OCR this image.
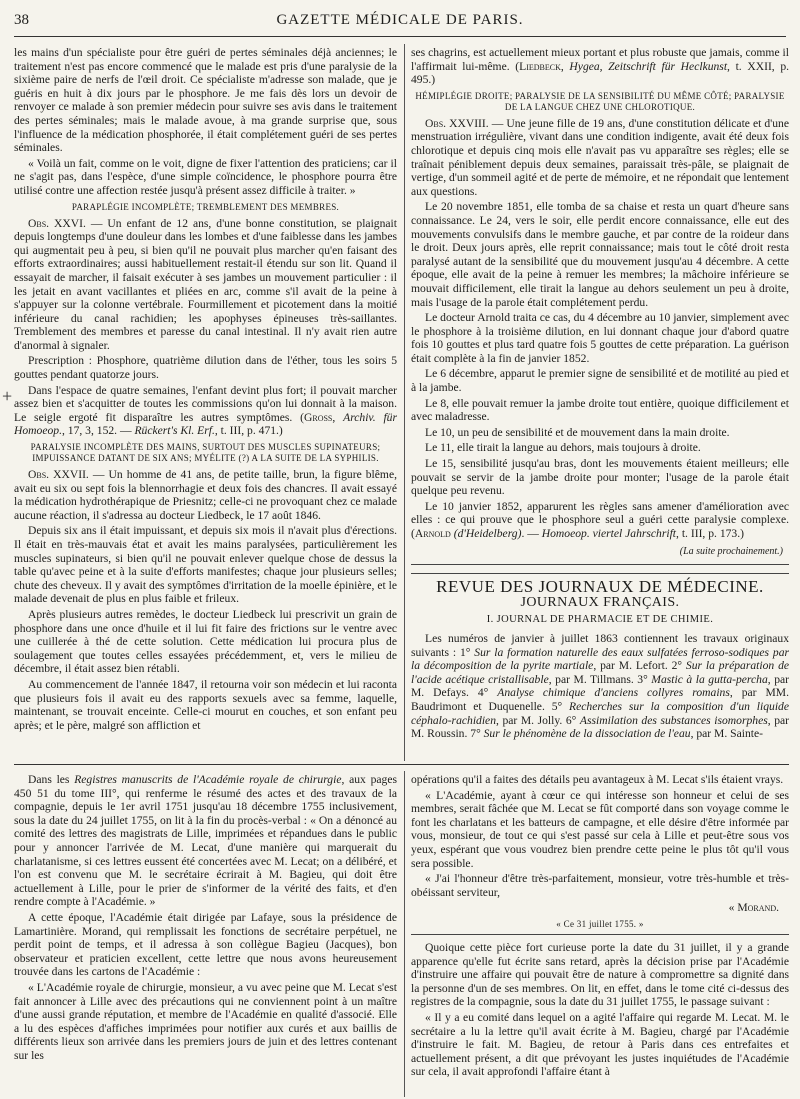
38	GAZETTE MÉDICALE DE PARIS.
+

les mains d'un spécialiste pour être guéri de pertes séminales déjà anciennes; le traitement n'est pas encore commencé que le malade est pris d'une paralysie de la sixième paire de nerfs de l'œil droit. Ce spécialiste m'adresse son malade, que je guéris en huit à dix jours par le phosphore. Je me fais dès lors un devoir de renvoyer ce malade à son premier médecin pour suivre ses avis dans le traitement des pertes séminales; mais le malade avoue, à ma grande surprise que, sous l'influence de la médication phosphorée, il était complétement guéri de ses pertes séminales.

« Voilà un fait, comme on le voit, digne de fixer l'attention des praticiens; car il ne s'agit pas, dans l'espèce, d'une simple coïncidence, le phosphore pourra être utilisé contre une affection restée jusqu'à présent assez difficile à traiter. »

PARAPLÉGIE INCOMPLÈTE; TREMBLEMENT DES MEMBRES.

Obs. XXVI. — Un enfant de 12 ans, d'une bonne constitution, se plaignait depuis longtemps d'une douleur dans les lombes et d'une faiblesse dans les jambes qui augmentait peu à peu, si bien qu'il ne pouvait plus marcher qu'en faisant des efforts extraordinaires; aussi habituellement restait-il étendu sur son lit. Quand il essayait de marcher, il faisait exécuter à ses jambes un mouvement particulier : il les jetait en avant vacillantes et pliées en arc, comme s'il avait de la peine à s'appuyer sur la colonne vertébrale. Fourmillement et picotement dans la moitié inférieure du canal rachidien; les apophyses épineuses très-saillantes. Tremblement des membres et paresse du canal intestinal. Il n'y avait rien autre d'anormal à signaler.

Prescription : Phosphore, quatrième dilution dans de l'éther, tous les soirs 5 gouttes pendant quatorze jours.

Dans l'espace de quatre semaines, l'enfant devint plus fort; il pouvait marcher assez bien et s'acquitter de toutes les commissions qu'on lui donnait à la maison. Le seigle ergoté fit disparaître les autres symptômes. (Gross, Archiv. für Homoeop., 17, 3, 152. — Rückert's Kl. Erf., t. III, p. 471.)

PARALYSIE INCOMPLÈTE DES MAINS, SURTOUT DES MUSCLES SUPINATEURS; IMPUISSANCE DATANT DE SIX ANS; MYÉLITE (?) A LA SUITE DE LA SYPHILIS.

Obs. XXVII. — Un homme de 41 ans, de petite taille, brun, la figure blême, avait eu six ou sept fois la blennorrhagie et deux fois des chancres. Il avait essayé la médication hydrothérapique de Priesnitz; celle-ci ne provoquant chez ce malade aucune réaction, il s'adressa au docteur Liedbeck, le 17 août 1846.

Depuis six ans il était impuissant, et depuis six mois il n'avait plus d'érections. Il était en très-mauvais état et avait les mains paralysées, particulièrement les muscles supinateurs, si bien qu'il ne pouvait enlever quelque chose de dessus la table qu'avec peine et à la suite d'efforts manifestes; chaque jour plusieurs selles; chute des cheveux. Il y avait des symptômes d'irritation de la moelle épinière, et le malade devenait de plus en plus faible et frileux.

Après plusieurs autres remèdes, le docteur Liedbeck lui prescrivit un grain de phosphore dans une once d'huile et il lui fit faire des frictions sur le ventre avec une cuillerée à thé de cette solution. Cette médication lui procura plus de soulagement que toutes celles essayées précédemment, et, vers le milieu de décembre, il était assez bien rétabli.

Au commencement de l'année 1847, il retourna voir son médecin et lui raconta que plusieurs fois il avait eu des rapports sexuels avec sa femme, laquelle, maintenant, se trouvait enceinte. Celle-ci mourut en couches, et son enfant peu après; et le père, malgré son affliction et

ses chagrins, est actuellement mieux portant et plus robuste que jamais, comme il l'affirmait lui-même. (Liedbeck, Hygea, Zeitschrift für Heclkunst, t. XXII, p. 495.)

HÉMIPLÉGIE DROITE; PARALYSIE DE LA SENSIBILITÉ DU MÊME CÔTÉ; PARALYSIE DE LA LANGUE CHEZ UNE CHLOROTIQUE.

Obs. XXVIII. — Une jeune fille de 19 ans, d'une constitution délicate et d'une menstruation irrégulière, vivant dans une condition indigente, avait été deux fois chlorotique et depuis cinq mois elle n'avait pas vu apparaître ses règles; elle se traînait péniblement depuis deux semaines, paraissait très-pâle, se plaignait de vertige, d'un sommeil agité et de perte de mémoire, et ne répondait que lentement aux questions.

Le 20 novembre 1851, elle tomba de sa chaise et resta un quart d'heure sans connaissance. Le 24, vers le soir, elle perdit encore connaissance, elle eut des mouvements convulsifs dans le membre gauche, et par contre de la roideur dans le droit. Deux jours après, elle reprit connaissance; mais tout le côté droit resta paralysé autant de la sensibilité que du mouvement jusqu'au 4 décembre. A cette époque, elle avait de la peine à remuer les membres; la mâchoire inférieure se mouvait difficilement, elle tirait la langue au dehors seulement un peu à droite, mais l'usage de la parole était complétement perdu.

Le docteur Arnold traita ce cas, du 4 décembre au 10 janvier, simplement avec le phosphore à la troisième dilution, en lui donnant chaque jour d'abord quatre fois 10 gouttes et plus tard quatre fois 5 gouttes de cette préparation. La guérison était complète à la fin de janvier 1852.

Le 6 décembre, apparut le premier signe de sensibilité et de motilité au pied et à la jambe.

Le 8, elle pouvait remuer la jambe droite tout entière, quoique difficilement et avec maladresse.

Le 10, un peu de sensibilité et de mouvement dans la main droite.

Le 11, elle tirait la langue au dehors, mais toujours à droite.

Le 15, sensibilité jusqu'au bras, dont les mouvements étaient meilleurs; elle pouvait se servir de la jambe droite pour monter; l'usage de la parole était quelque peu revenu.

Le 10 janvier 1852, apparurent les règles sans amener d'amélioration avec elles : ce qui prouve que le phosphore seul a guéri cette paralysie complexe. (Arnold (d'Heidelberg). — Homoeop. viertel Jahrschrift, t. III, p. 173.)

(La suite prochainement.)
REVUE DES JOURNAUX DE MÉDECINE.
JOURNAUX FRANÇAIS.
I. JOURNAL DE PHARMACIE ET DE CHIMIE.

Les numéros de janvier à juillet 1863 contiennent les travaux originaux suivants : 1° Sur la formation naturelle des eaux sulfatées ferroso-sodiques par la décomposition de la pyrite martiale, par M. Lefort. 2° Sur la préparation de l'acide acétique cristallisable, par M. Tillmans. 3° Mastic à la gutta-percha, par M. Defays. 4° Analyse chimique d'anciens collyres romains, par MM. Baudrimont et Duquenelle. 5° Recherches sur la composition d'un liquide céphalo-rachidien, par M. Jolly. 6° Assimilation des substances isomorphes, par M. Roussin. 7° Sur le phénomène de la dissociation de l'eau, par M. Sainte-

Dans les Registres manuscrits de l'Académie royale de chirurgie, aux pages 450 51 du tome III°, qui renferme le résumé des actes et des travaux de la compagnie, depuis le 1er avril 1751 jusqu'au 18 décembre 1755 inclusivement, sous la date du 24 juillet 1755, on lit à la fin du procès-verbal : « On a dénoncé au comité des lettres des magistrats de Lille, imprimées et répandues dans le public pour y annoncer l'arrivée de M. Lecat, d'une manière qui marquerait du charlatanisme, si ces lettres eussent été concertées avec M. Lecat; on a délibéré, et l'on est convenu que M. le secrétaire écrirait à M. Bagieu, qui doit être actuellement à Lille, pour le prier de s'informer de la vérité des faits, et d'en rendre compte à l'Académie. »

A cette époque, l'Académie était dirigée par Lafaye, sous la présidence de Lamartinière. Morand, qui remplissait les fonctions de secrétaire perpétuel, ne perdit point de temps, et il adressa à son collègue Bagieu (Jacques), bon observateur et praticien excellent, cette lettre que nous avons heureusement trouvée dans les cartons de l'Académie :

« L'Académie royale de chirurgie, monsieur, a vu avec peine que M. Lecat s'est fait annoncer à Lille avec des précautions qui ne conviennent point à un maître d'une aussi grande réputation, et membre de l'Académie en qualité d'associé. Elle a lu des espèces d'affiches imprimées pour notifier aux curés et aux baillis de différents lieux son arrivée dans les premiers jours de juin et des lettres contenant sur les

opérations qu'il a faites des détails peu avantageux à M. Lecat s'ils étaient vrays.

« L'Académie, ayant à cœur ce qui intéresse son honneur et celui de ses membres, serait fâchée que M. Lecat se fût comporté dans son voyage comme le font les charlatans et les batteurs de campagne, et elle désire d'être informée par vous, monsieur, de tout ce qui s'est passé sur cela à Lille et peut-être sous vos yeux, espérant que vous voudrez bien prendre cette peine le plus tôt qu'il vous sera possible.

« J'ai l'honneur d'être très-parfaitement, monsieur, votre très-humble et très-obéissant serviteur,

« Morand.
« Ce 31 juillet 1755. »

Quoique cette pièce fort curieuse porte la date du 31 juillet, il y a grande apparence qu'elle fut écrite sans retard, après la décision prise par l'Académie d'instruire une affaire qui pouvait être de nature à compromettre sa dignité dans la personne d'un de ses membres. On lit, en effet, dans le tome cité ci-dessus des registres de la compagnie, sous la date du 31 juillet 1755, le passage suivant :

« Il y a eu comité dans lequel on a agité l'affaire qui regarde M. Lecat. M. le secrétaire a lu la lettre qu'il avait écrite à M. Bagieu, chargé par l'Académie d'instruire le fait. M. Bagieu, de retour à Paris dans ces entrefaites et actuellement présent, a dit que prévoyant les justes inquiétudes de l'Académie sur cela, il avait approfondi l'affaire étant à
